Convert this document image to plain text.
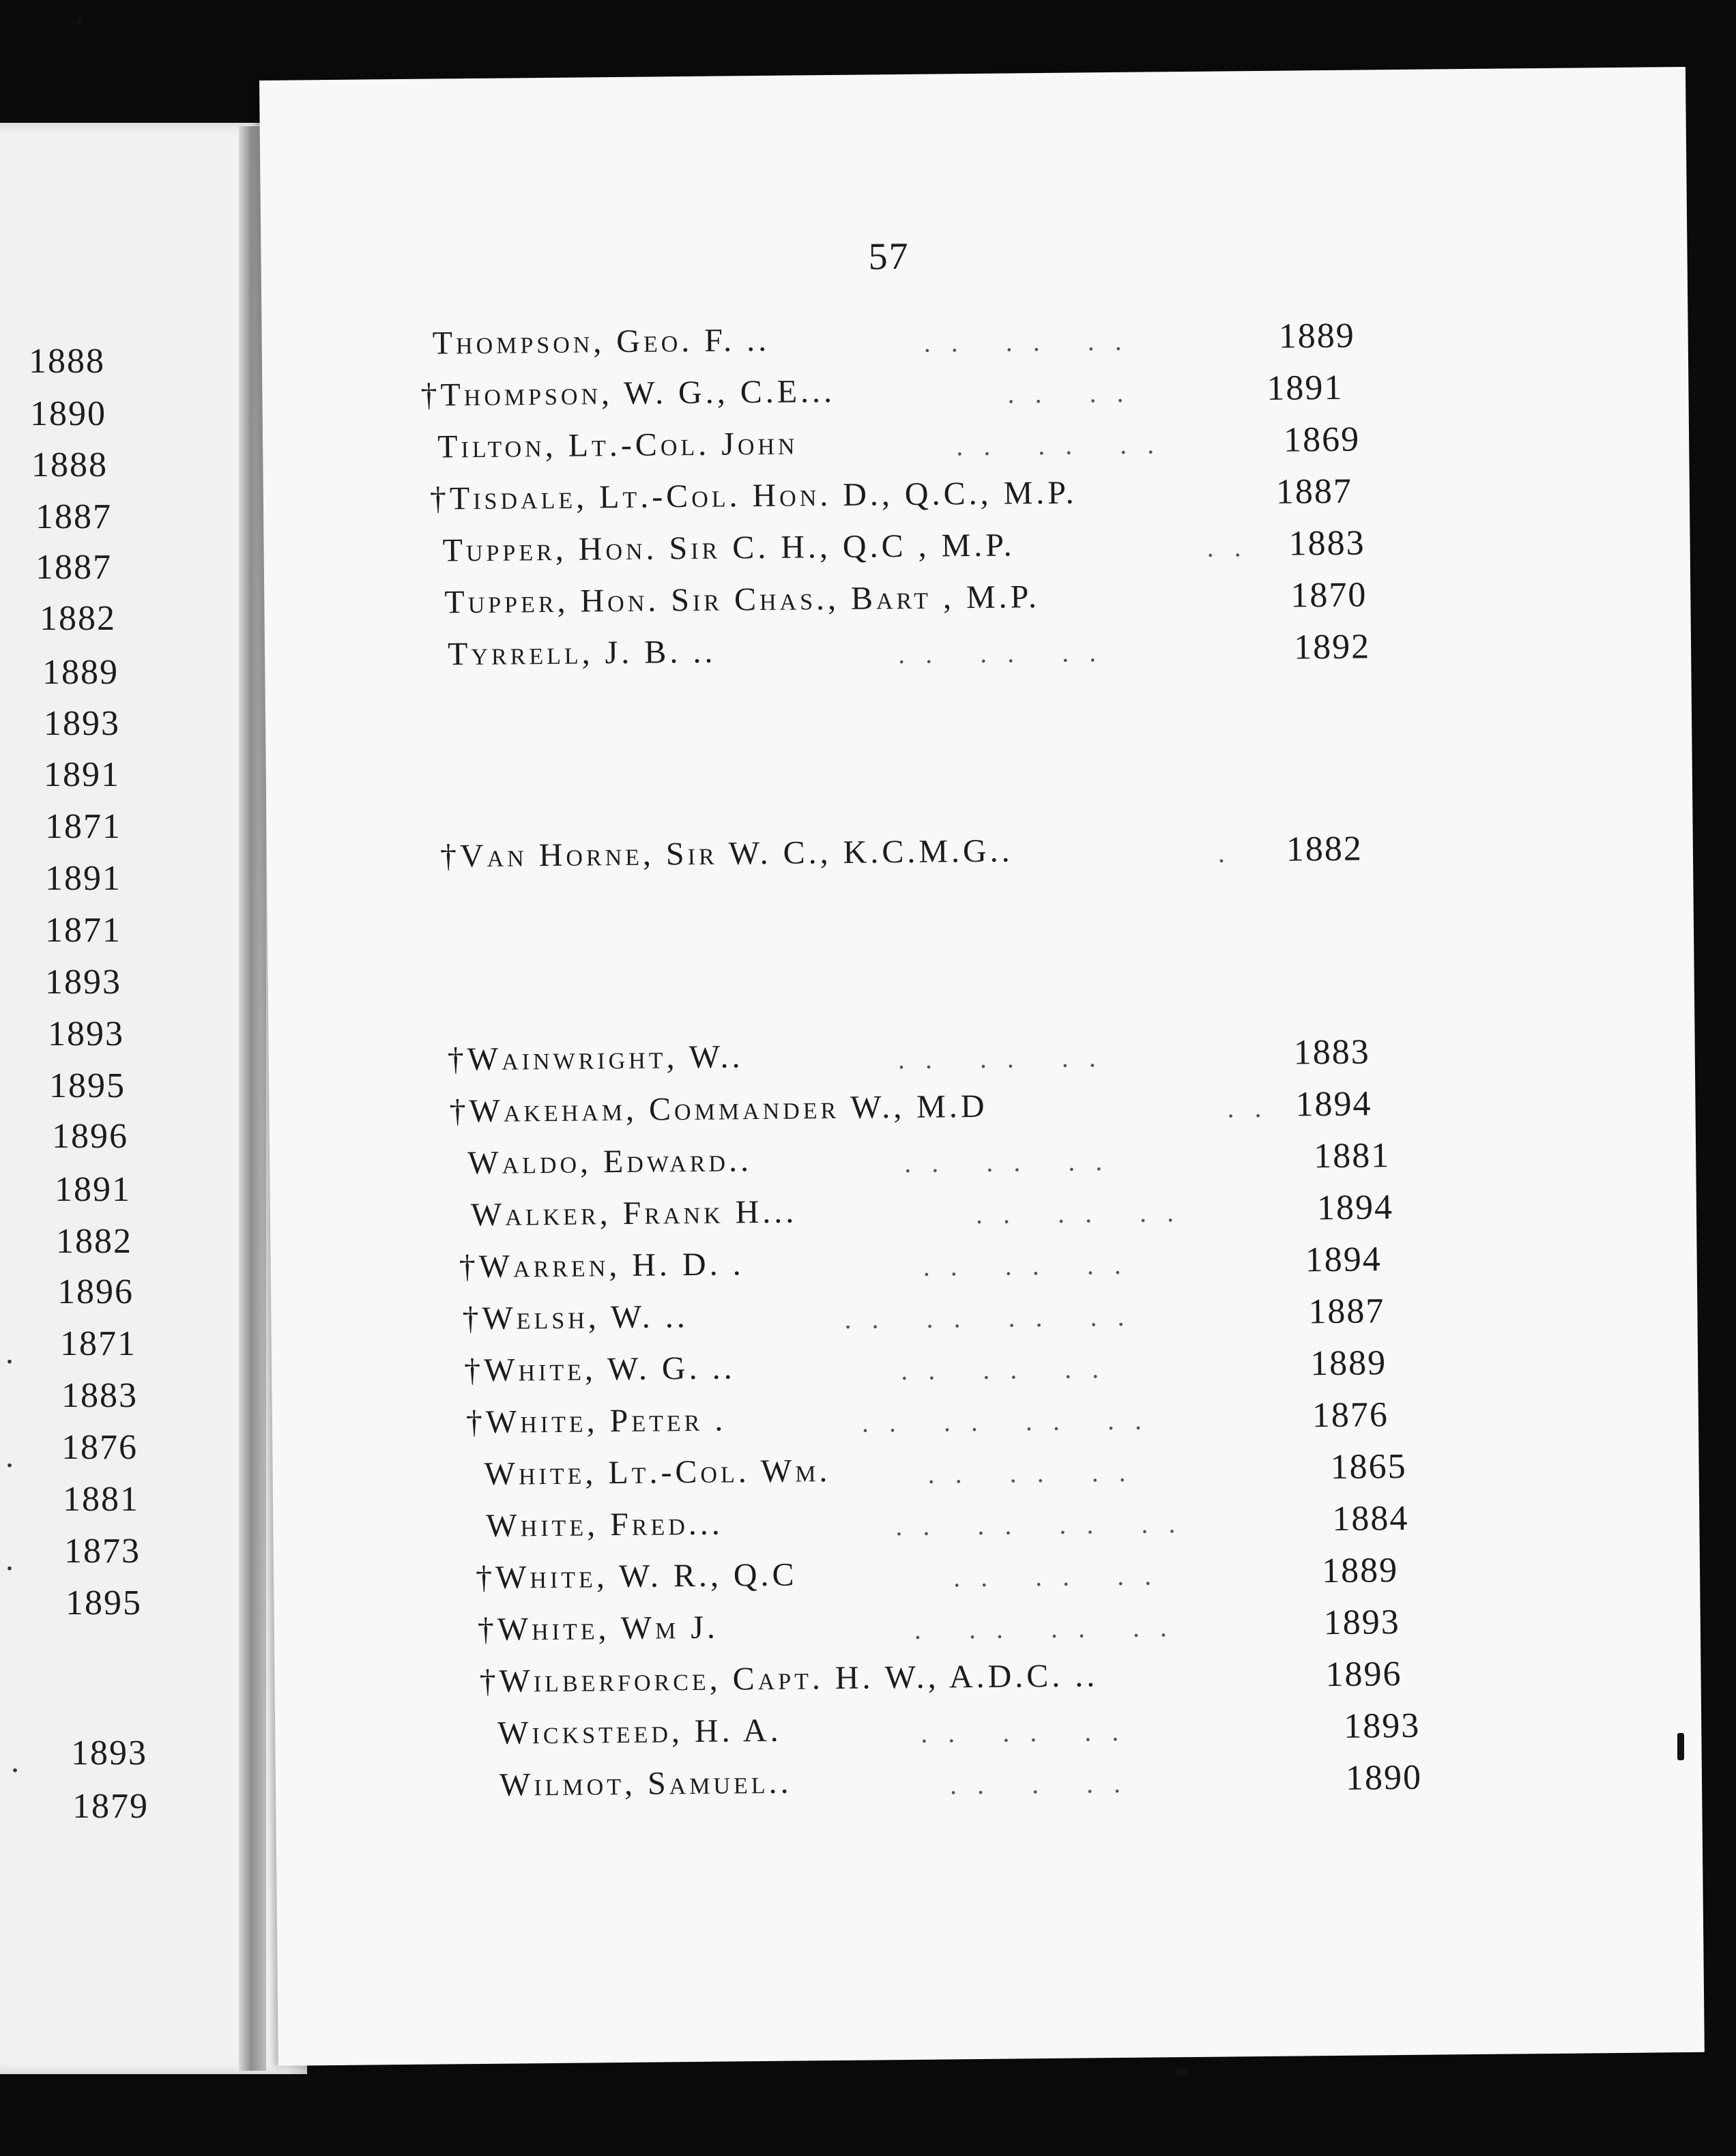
1888
1890
1888
1887
1887
1882
1889
1893
1891
1871
1891
1871
1893
1893
1895
1896
1891
1882
1896
1871
1883
1876
1881
1873
1895
1893
1879
.
.
.
.
57
Thompson, Geo. F. ..	.. .. ..	1889
†Thompson, W. G., C.E...	.. ..	1891
Tilton, Lt.-Col. John	.. .. ..	1869
†Tisdale, Lt.-Col. Hon. D., Q.C., M.P.	1887
Tupper, Hon. Sir C. H., Q.C , M.P.	.. 1883
Tupper, Hon. Sir Chas., Bart , M.P.	1870
Tyrrell, J. B. ..	.. .. ..	1892
†Van Horne, Sir W. C., K.C.M.G..	. 1882
†Wainwright, W..	.. .. ..	1883
†Wakeham, Commander W., M.D	.. 1894
Waldo, Edward..	.. .. ..	1881
Walker, Frank H...	.. .. ..	1894
†Warren, H. D. .	.. .. ..	1894
†Welsh, W. ..	.. .. .. ..	1887
†White, W. G. ..	.. .. ..	1889
†White, Peter .	.. .. .. ..	1876
White, Lt.-Col. Wm.	.. .. ..	1865
White, Fred...	.. .. .. ..	1884
†White, W. R., Q.C	.. .. ..	1889
†White, Wm J.	. .. .. ..	1893
†Wilberforce, Capt. H. W., A.D.C. ..	1896
Wicksteed, H. A.	.. .. ..	1893
Wilmot, Samuel..	.. . ..	1890
